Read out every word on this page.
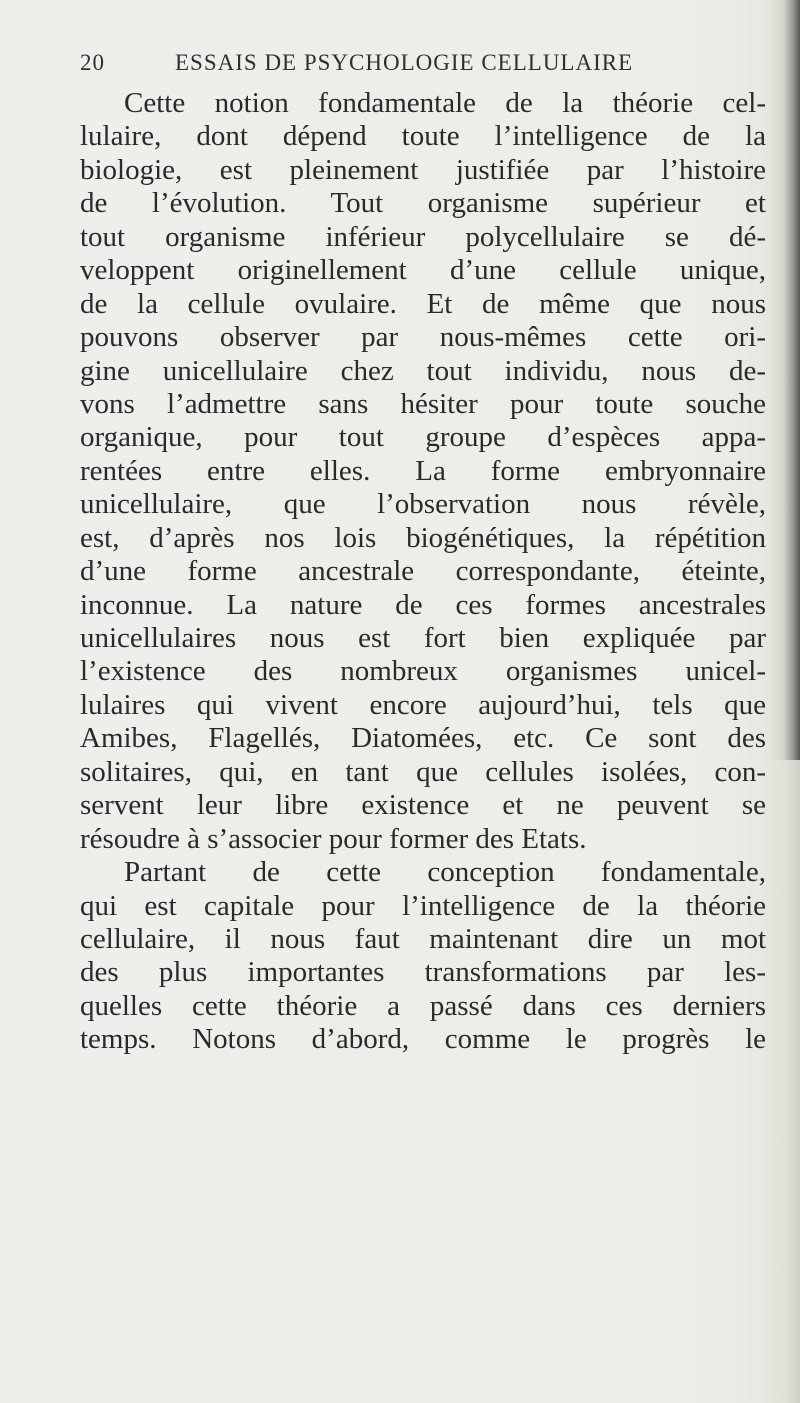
20	ESSAIS DE PSYCHOLOGIE CELLULAIRE
Cette notion fondamentale de la théorie cel-
lulaire, dont dépend toute l’intelligence de la
biologie, est pleinement justifiée par l’histoire
de l’évolution. Tout organisme supérieur et
tout organisme inférieur polycellulaire se dé-
veloppent originellement d’une cellule unique,
de la cellule ovulaire. Et de même que nous
pouvons observer par nous-mêmes cette ori-
gine unicellulaire chez tout individu, nous de-
vons l’admettre sans hésiter pour toute souche
organique, pour tout groupe d’espèces appa-
rentées entre elles. La forme embryonnaire
unicellulaire, que l’observation nous révèle,
est, d’après nos lois biogénétiques, la répétition
d’une forme ancestrale correspondante, éteinte,
inconnue. La nature de ces formes ancestrales
unicellulaires nous est fort bien expliquée par
l’existence des nombreux organismes unicel-
lulaires qui vivent encore aujourd’hui, tels que
Amibes, Flagellés, Diatomées, etc. Ce sont des
solitaires, qui, en tant que cellules isolées, con-
servent leur libre existence et ne peuvent se
résoudre à s’associer pour former des Etats.
Partant de cette conception fondamentale,
qui est capitale pour l’intelligence de la théorie
cellulaire, il nous faut maintenant dire un mot
des plus importantes transformations par les-
quelles cette théorie a passé dans ces derniers
temps. Notons d’abord, comme le progrès le
